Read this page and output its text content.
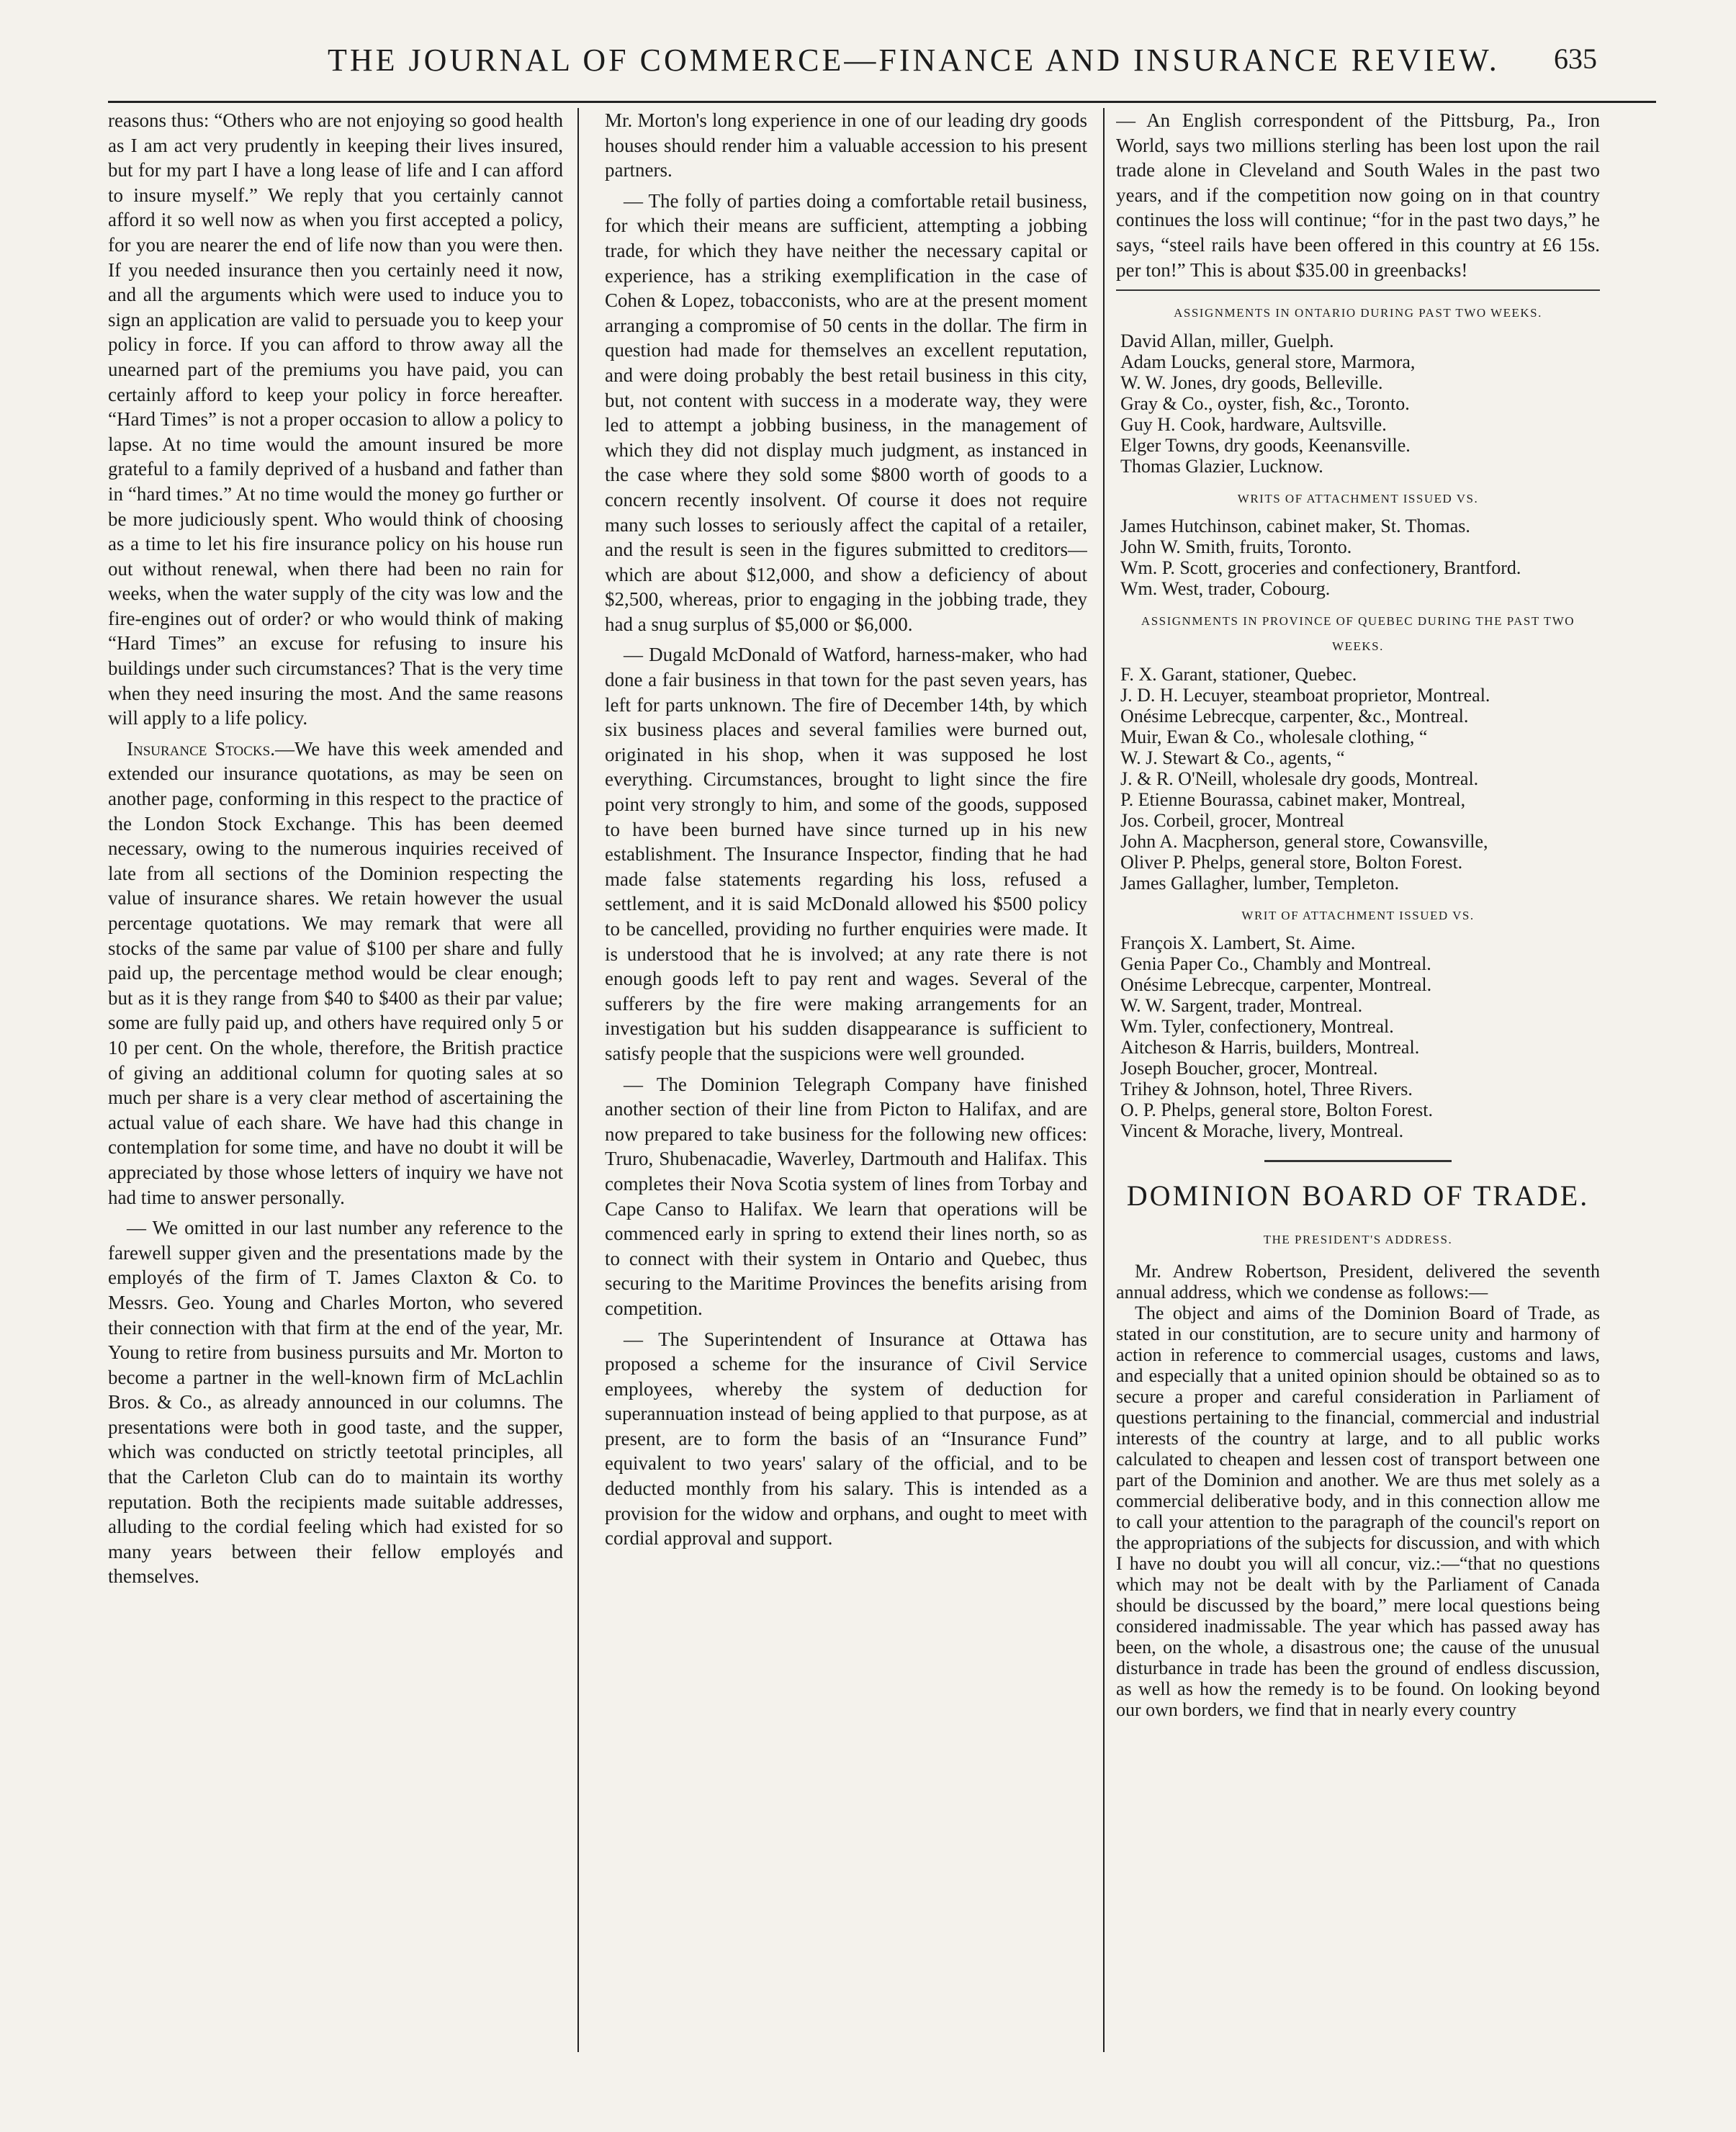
THE JOURNAL OF COMMERCE—FINANCE AND INSURANCE REVIEW. 635

reasons thus: “Others who are not enjoying so good health as I am act very prudently in keeping their lives insured, but for my part I have a long lease of life and I can afford to insure myself.” We reply that you certainly cannot afford it so well now as when you first accepted a policy, for you are nearer the end of life now than you were then. If you needed insurance then you certainly need it now, and all the arguments which were used to induce you to sign an application are valid to persuade you to keep your policy in force. If you can afford to throw away all the unearned part of the premiums you have paid, you can certainly afford to keep your policy in force hereafter. “Hard Times” is not a proper occasion to allow a policy to lapse. At no time would the amount insured be more grateful to a family deprived of a husband and father than in “hard times.” At no time would the money go further or be more judiciously spent. Who would think of choosing as a time to let his fire insurance policy on his house run out without renewal, when there had been no rain for weeks, when the water supply of the city was low and the fire-engines out of order? or who would think of making “Hard Times” an excuse for refusing to insure his buildings under such circumstances? That is the very time when they need insuring the most. And the same reasons will apply to a life policy.

Insurance Stocks.—We have this week amended and extended our insurance quotations, as may be seen on another page, conforming in this respect to the practice of the London Stock Exchange. This has been deemed necessary, owing to the numerous inquiries received of late from all sections of the Dominion respecting the value of insurance shares. We retain however the usual percentage quotations. We may remark that were all stocks of the same par value of $100 per share and fully paid up, the percentage method would be clear enough; but as it is they range from $40 to $400 as their par value; some are fully paid up, and others have required only 5 or 10 per cent. On the whole, therefore, the British practice of giving an additional column for quoting sales at so much per share is a very clear method of ascertaining the actual value of each share. We have had this change in contemplation for some time, and have no doubt it will be appreciated by those whose letters of inquiry we have not had time to answer personally.

— We omitted in our last number any reference to the farewell supper given and the presentations made by the employés of the firm of T. James Claxton & Co. to Messrs. Geo. Young and Charles Morton, who severed their connection with that firm at the end of the year, Mr. Young to retire from business pursuits and Mr. Morton to become a partner in the well-known firm of McLachlin Bros. & Co., as already announced in our columns. The presentations were both in good taste, and the supper, which was conducted on strictly teetotal principles, all that the Carleton Club can do to maintain its worthy reputation. Both the recipients made suitable addresses, alluding to the cordial feeling which had existed for so many years between their fellow employés and themselves.

Mr. Morton's long experience in one of our leading dry goods houses should render him a valuable accession to his present partners.

— The folly of parties doing a comfortable retail business, for which their means are sufficient, attempting a jobbing trade, for which they have neither the necessary capital or experience, has a striking exemplification in the case of Cohen & Lopez, tobacconists, who are at the present moment arranging a compromise of 50 cents in the dollar. The firm in question had made for themselves an excellent reputation, and were doing probably the best retail business in this city, but, not content with success in a moderate way, they were led to attempt a jobbing business, in the management of which they did not display much judgment, as instanced in the case where they sold some $800 worth of goods to a concern recently insolvent. Of course it does not require many such losses to seriously affect the capital of a retailer, and the result is seen in the figures submitted to creditors—which are about $12,000, and show a deficiency of about $2,500, whereas, prior to engaging in the jobbing trade, they had a snug surplus of $5,000 or $6,000.

— Dugald McDonald of Watford, harness-maker, who had done a fair business in that town for the past seven years, has left for parts unknown. The fire of December 14th, by which six business places and several families were burned out, originated in his shop, when it was supposed he lost everything. Circumstances, brought to light since the fire point very strongly to him, and some of the goods, supposed to have been burned have since turned up in his new establishment. The Insurance Inspector, finding that he had made false statements regarding his loss, refused a settlement, and it is said McDonald allowed his $500 policy to be cancelled, providing no further enquiries were made. It is understood that he is involved; at any rate there is not enough goods left to pay rent and wages. Several of the sufferers by the fire were making arrangements for an investigation but his sudden disappearance is sufficient to satisfy people that the suspicions were well grounded.

— The Dominion Telegraph Company have finished another section of their line from Picton to Halifax, and are now prepared to take business for the following new offices: Truro, Shubenacadie, Waverley, Dartmouth and Halifax. This completes their Nova Scotia system of lines from Torbay and Cape Canso to Halifax. We learn that operations will be commenced early in spring to extend their lines north, so as to connect with their system in Ontario and Quebec, thus securing to the Maritime Provinces the benefits arising from competition.

— The Superintendent of Insurance at Ottawa has proposed a scheme for the insurance of Civil Service employees, whereby the system of deduction for superannuation instead of being applied to that purpose, as at present, are to form the basis of an “Insurance Fund” equivalent to two years' salary of the official, and to be deducted monthly from his salary. This is intended as a provision for the widow and orphans, and ought to meet with cordial approval and support.

— An English correspondent of the Pittsburg, Pa., Iron World, says two millions sterling has been lost upon the rail trade alone in Cleveland and South Wales in the past two years, and if the competition now going on in that country continues the loss will continue; “for in the past two days,” he says, “steel rails have been offered in this country at £6 15s. per ton!” This is about $35.00 in greenbacks!

ASSIGNMENTS IN ONTARIO DURING PAST TWO WEEKS.
David Allan, miller, Guelph.
Adam Loucks, general store, Marmora,
W. W. Jones, dry goods, Belleville.
Gray & Co., oyster, fish, &c., Toronto.
Guy H. Cook, hardware, Aultsville.
Elger Towns, dry goods, Keenansville.
Thomas Glazier, Lucknow.
WRITS OF ATTACHMENT ISSUED VS.
James Hutchinson, cabinet maker, St. Thomas.
John W. Smith, fruits, Toronto.
Wm. P. Scott, groceries and confectionery, Brantford.
Wm. West, trader, Cobourg.
ASSIGNMENTS IN PROVINCE OF QUEBEC DURING THE PAST TWO WEEKS.
F. X. Garant, stationer, Quebec.
J. D. H. Lecuyer, steamboat proprietor, Montreal.
Onésime Lebrecque, carpenter, &c., Montreal.
Muir, Ewan & Co., wholesale clothing, “
W. J. Stewart & Co., agents, “
J. & R. O'Neill, wholesale dry goods, Montreal.
P. Etienne Bourassa, cabinet maker, Montreal,
Jos. Corbeil, grocer, Montreal
John A. Macpherson, general store, Cowansville,
Oliver P. Phelps, general store, Bolton Forest.
James Gallagher, lumber, Templeton.
WRIT OF ATTACHMENT ISSUED VS.
François X. Lambert, St. Aime.
Genia Paper Co., Chambly and Montreal.
Onésime Lebrecque, carpenter, Montreal.
W. W. Sargent, trader, Montreal.
Wm. Tyler, confectionery, Montreal.
Aitcheson & Harris, builders, Montreal.
Joseph Boucher, grocer, Montreal.
Trihey & Johnson, hotel, Three Rivers.
O. P. Phelps, general store, Bolton Forest.
Vincent & Morache, livery, Montreal.
DOMINION BOARD OF TRADE.
THE PRESIDENT'S ADDRESS.

Mr. Andrew Robertson, President, delivered the seventh annual address, which we condense as follows:—

The object and aims of the Dominion Board of Trade, as stated in our constitution, are to secure unity and harmony of action in reference to commercial usages, customs and laws, and especially that a united opinion should be obtained so as to secure a proper and careful consideration in Parliament of questions pertaining to the financial, commercial and industrial interests of the country at large, and to all public works calculated to cheapen and lessen cost of transport between one part of the Dominion and another. We are thus met solely as a commercial deliberative body, and in this connection allow me to call your attention to the paragraph of the council's report on the appropriations of the subjects for discussion, and with which I have no doubt you will all concur, viz.:—“that no questions which may not be dealt with by the Parliament of Canada should be discussed by the board,” mere local questions being considered inadmissable. The year which has passed away has been, on the whole, a disastrous one; the cause of the unusual disturbance in trade has been the ground of endless discussion, as well as how the remedy is to be found. On looking beyond our own borders, we find that in nearly every country
